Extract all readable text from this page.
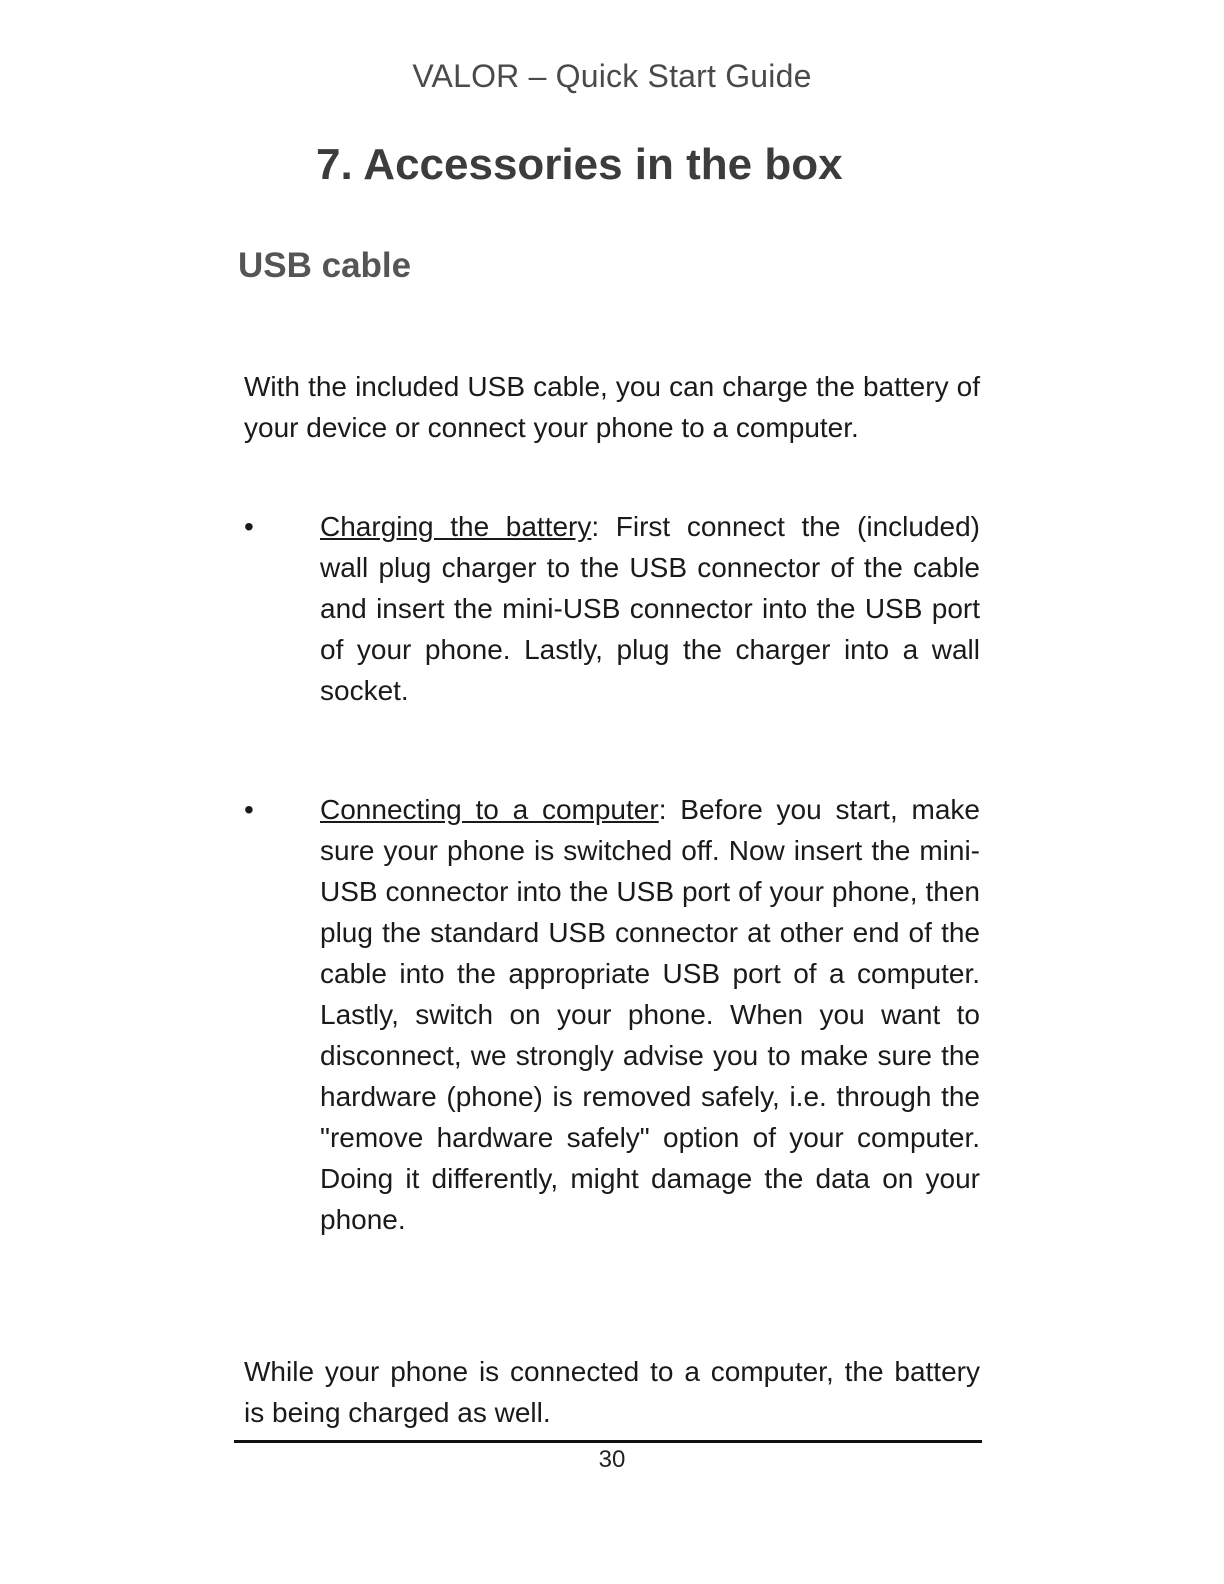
VALOR – Quick Start Guide
7. Accessories in the box
USB cable

With the included USB cable, you can charge the battery of your device or connect your phone to a computer.

•	Charging the battery: First connect the (included) wall plug charger to the USB connector of the cable and insert the mini-USB connector into the USB port of your phone. Lastly, plug the charger into a wall socket.
•	Connecting to a computer: Before you start, make sure your phone is switched off. Now insert the mini-USB connector into the USB port of your phone, then plug the standard USB connector at other end of the cable into the appropriate USB port of a computer. Lastly, switch on your phone. When you want to disconnect, we strongly advise you to make sure the hardware (phone) is removed safely, i.e. through the "remove hardware safely" option of your computer. Doing it differently, might damage the data on your phone.

While your phone is connected to a computer, the battery is being charged as well.

30
